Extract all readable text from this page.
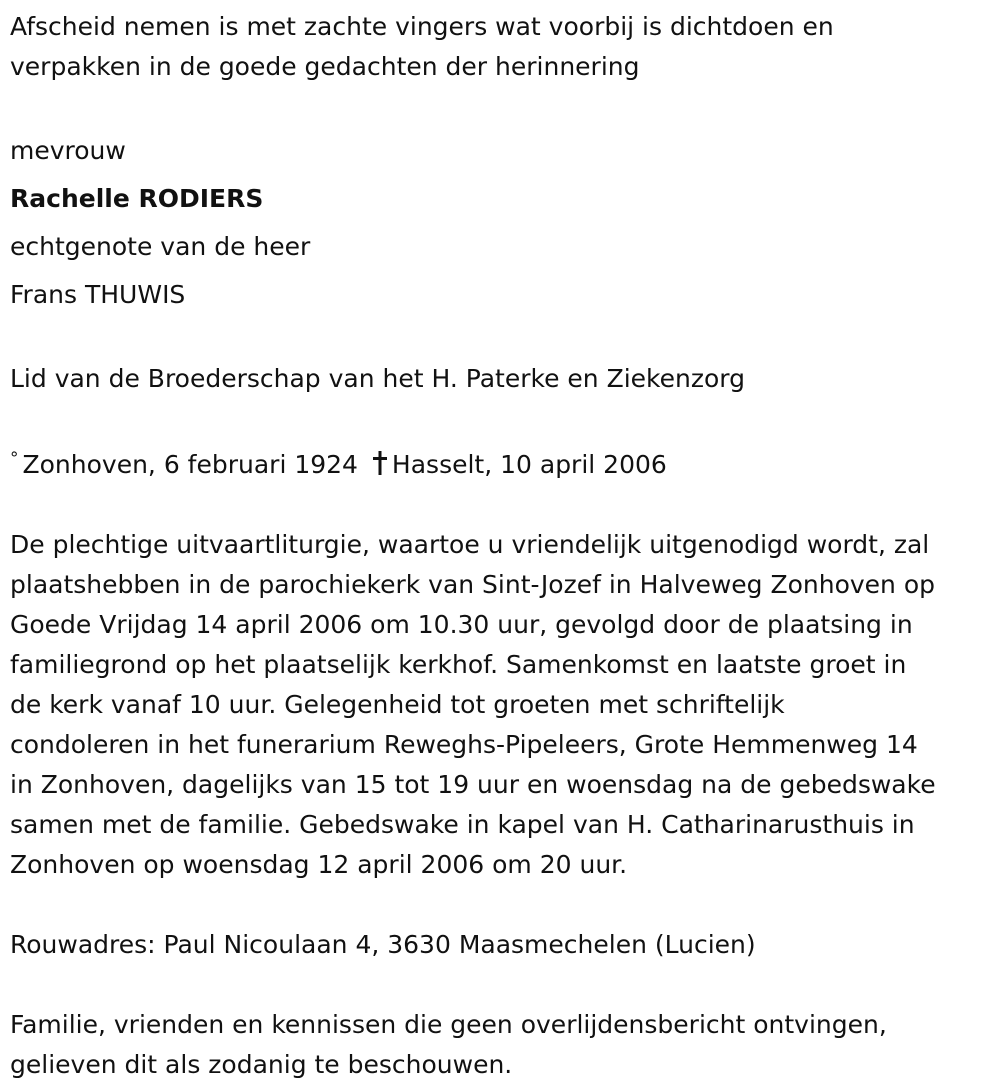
Afscheid nemen is met zachte vingers wat voorbij is dichtdoen en

verpakken in de goede gedachten der herinnering

mevrouw

Rachelle RODIERS

echtgenote van de heer

Frans THUWIS

Lid van de Broederschap van het H. Paterke en Ziekenzorg

° Zonhoven, 6 februari 1924 Hasselt, 10 april 2006

De plechtige uitvaartliturgie, waartoe u vriendelijk uitgenodigd wordt, zal

plaatshebben in de parochiekerk van Sint-Jozef in Halveweg Zonhoven op

Goede Vrijdag 14 april 2006 om 10.30 uur, gevolgd door de plaatsing in

familiegrond op het plaatselijk kerkhof. Samenkomst en laatste groet in

de kerk vanaf 10 uur. Gelegenheid tot groeten met schriftelijk

condoleren in het funerarium Reweghs-Pipeleers, Grote Hemmenweg 14

in Zonhoven, dagelijks van 15 tot 19 uur en woensdag na de gebedswake

samen met de familie. Gebedswake in kapel van H. Catharinarusthuis in

Zonhoven op woensdag 12 april 2006 om 20 uur.

Rouwadres: Paul Nicoulaan 4, 3630 Maasmechelen (Lucien)

Familie, vrienden en kennissen die geen overlijdensbericht ontvingen,

gelieven dit als zodanig te beschouwen.
